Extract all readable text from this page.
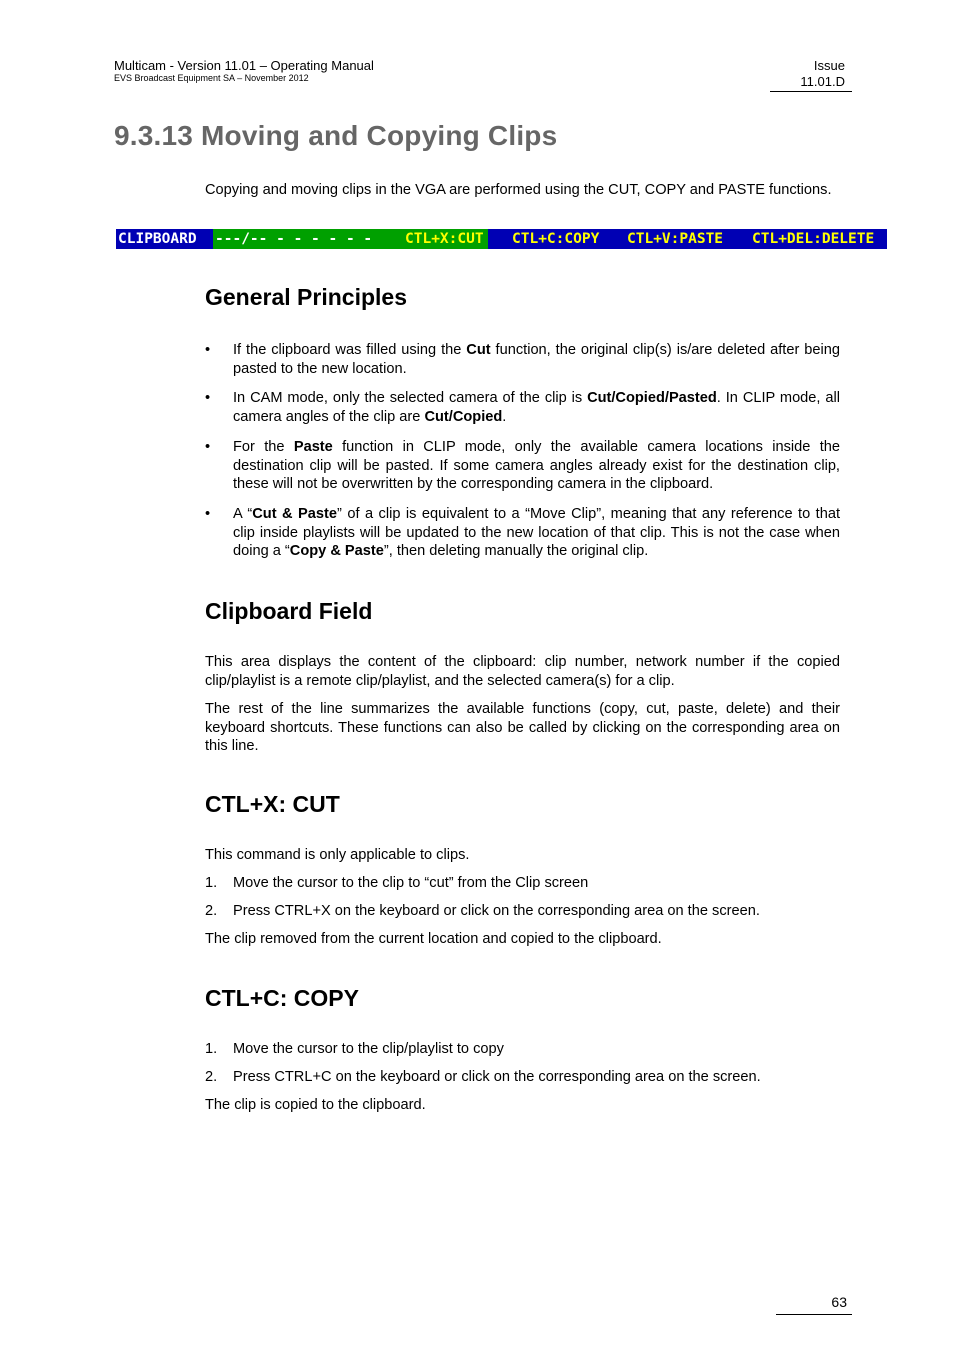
Multicam - Version 11.01 – Operating Manual
EVS Broadcast Equipment SA – November 2012
Issue
11.01.D
9.3.13 Moving and Copying Clips
Copying and moving clips in the VGA are performed using the CUT, COPY and PASTE functions.

CLIPBOARD

---/-- - - - - - -

	CTL+X:CUT

CTL+C:COPY

CTL+V:PASTE

CTL+DEL:DELETE

General Principles
• If the clipboard was filled using the Cut function, the original clip(s) is/are deleted after being pasted to the new location.
• In CAM mode, only the selected camera of the clip is Cut/Copied/Pasted. In CLIP mode, all camera angles of the clip are Cut/Copied.
• For the Paste function in CLIP mode, only the available camera locations inside the destination clip will be pasted. If some camera angles already exist for the destination clip, these will not be overwritten by the corresponding camera in the clipboard.
• A “Cut & Paste” of a clip is equivalent to a “Move Clip”, meaning that any reference to that clip inside playlists will be updated to the new location of that clip. This is not the case when doing a “Copy & Paste”, then deleting manually the original clip.
Clipboard Field
This area displays the content of the clipboard: clip number, network number if the copied clip/playlist is a remote clip/playlist, and the selected camera(s) for a clip.
The rest of the line summarizes the available functions (copy, cut, paste, delete) and their keyboard shortcuts. These functions can also be called by clicking on the corresponding area on this line.
CTL+X: CUT
This command is only applicable to clips.
1. Move the cursor to the clip to “cut” from the Clip screen
2. Press CTRL+X on the keyboard or click on the corresponding area on the screen.
The clip removed from the current location and copied to the clipboard.
CTL+C: COPY
1. Move the cursor to the clip/playlist to copy
2. Press CTRL+C on the keyboard or click on the corresponding area on the screen.
The clip is copied to the clipboard.
63
